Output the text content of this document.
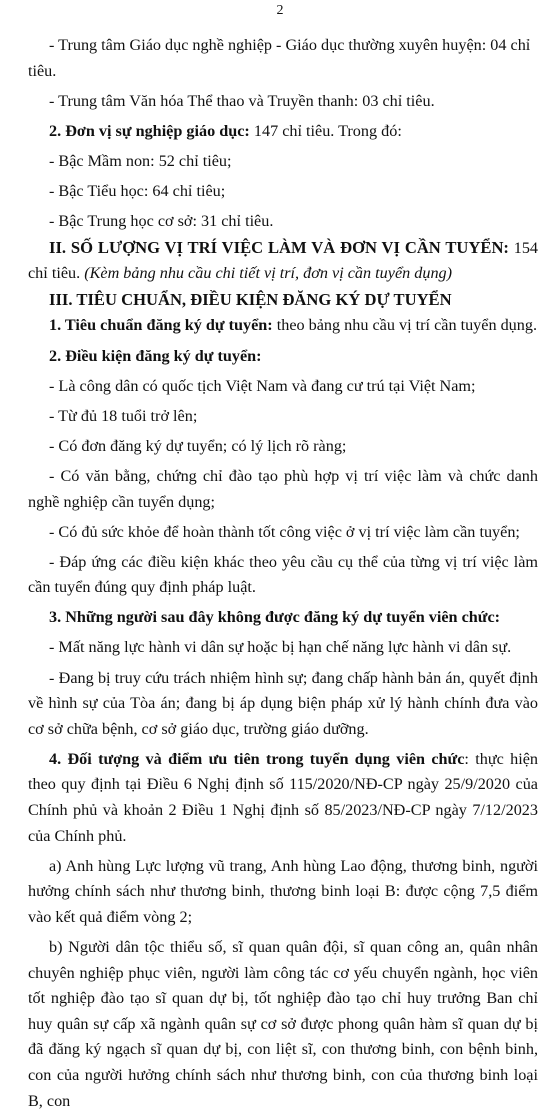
2

- Trung tâm Giáo dục nghề nghiệp - Giáo dục thường xuyên huyện: 04 chỉ tiêu.

- Trung tâm Văn hóa Thể thao và Truyền thanh: 03 chỉ tiêu.

2. Đơn vị sự nghiệp giáo dục: 147 chỉ tiêu. Trong đó:

- Bậc Mầm non: 52 chỉ tiêu;

- Bậc Tiểu học: 64 chỉ tiêu;

- Bậc Trung học cơ sở: 31 chỉ tiêu.

II. SỐ LƯỢNG VỊ TRÍ VIỆC LÀM VÀ ĐƠN VỊ CẦN TUYỂN: 154 chỉ tiêu. (Kèm bảng nhu cầu chi tiết vị trí, đơn vị cần tuyển dụng)

III. TIÊU CHUẨN, ĐIỀU KIỆN ĐĂNG KÝ DỰ TUYỂN

1. Tiêu chuẩn đăng ký dự tuyển: theo bảng nhu cầu vị trí cần tuyển dụng.

2. Điều kiện đăng ký dự tuyển:

- Là công dân có quốc tịch Việt Nam và đang cư trú tại Việt Nam;

- Từ đủ 18 tuổi trở lên;

- Có đơn đăng ký dự tuyển; có lý lịch rõ ràng;

- Có văn bằng, chứng chỉ đào tạo phù hợp vị trí việc làm và chức danh nghề nghiệp cần tuyển dụng;

- Có đủ sức khỏe để hoàn thành tốt công việc ở vị trí việc làm cần tuyển;

- Đáp ứng các điều kiện khác theo yêu cầu cụ thể của từng vị trí việc làm cần tuyển đúng quy định pháp luật.

3. Những người sau đây không được đăng ký dự tuyển viên chức:

- Mất năng lực hành vi dân sự hoặc bị hạn chế năng lực hành vi dân sự.

- Đang bị truy cứu trách nhiệm hình sự; đang chấp hành bản án, quyết định về hình sự của Tòa án; đang bị áp dụng biện pháp xử lý hành chính đưa vào cơ sở chữa bệnh, cơ sở giáo dục, trường giáo dưỡng.

4. Đối tượng và điểm ưu tiên trong tuyển dụng viên chức: thực hiện theo quy định tại Điều 6 Nghị định số 115/2020/NĐ-CP ngày 25/9/2020 của Chính phủ và khoản 2 Điều 1 Nghị định số 85/2023/NĐ-CP ngày 7/12/2023 của Chính phủ.

a) Anh hùng Lực lượng vũ trang, Anh hùng Lao động, thương binh, người hưởng chính sách như thương binh, thương binh loại B: được cộng 7,5 điểm vào kết quả điểm vòng 2;

b) Người dân tộc thiểu số, sĩ quan quân đội, sĩ quan công an, quân nhân chuyên nghiệp phục viên, người làm công tác cơ yếu chuyển ngành, học viên tốt nghiệp đào tạo sĩ quan dự bị, tốt nghiệp đào tạo chỉ huy trưởng Ban chỉ huy quân sự cấp xã ngành quân sự cơ sở được phong quân hàm sĩ quan dự bị đã đăng ký ngạch sĩ quan dự bị, con liệt sĩ, con thương binh, con bệnh binh, con của người hưởng chính sách như thương binh, con của thương binh loại B, con
